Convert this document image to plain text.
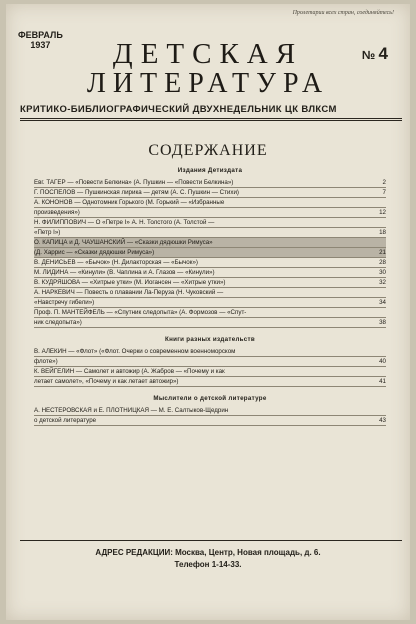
Пролетарии всех стран, соединяйтесь!
ФЕВРАЛЬ
1937	ДЕТСКАЯ
ЛИТЕРАТУРА
№ 4
КРИТИКО-БИБЛИОГРАФИЧЕСКИЙ ДВУХНЕДЕЛЬНИК ЦК ВЛКСМ
СОДЕРЖАНИЕ
Издания Детиздата
Евг. ТАГЕР — «Повести Белкина» (А. Пушкин — «Повести Белкина»)	2
Г. ПОСПЕЛОВ — Пушкинская лирика — детям (А. С. Пушкин — Стихи)	7
А. КОНОНОВ — Однотомник Горького (М. Горький — «Избранные
произведения»)	12
Н. ФИЛИППОВИЧ — О «Петре I» А. Н. Толстого (А. Толстой —
«Петр I»)	18
О. КАПИЦА и Д. ЧАУШАНСКИЙ — «Сказки дядюшки Римуса»
(Д. Харрис — «Сказки дядюшки Римуса»)	21
В. ДЕНИСЬЕВ — «Бычок» (Н. Дилакторская — «Бычок»)	28
М. ЛИДИНА — «Кинули» (В. Чаплина и А. Глазов — «Кинули»)	30
В. КУДРЯШОВА — «Хитрые утки» (М. Иогансен — «Хитрые утки»)	32
А. НАРКЕВИЧ — Повесть о плавании Ла-Перуза (Н. Чуковский —
«Навстречу гибели»)	34
Проф. П. МАНТЕЙФЕЛЬ — «Спутник следопыта» (А. Формозов — «Спут-
ник следопыта»)	38
Книги разных издательств
В. АЛЕКИН — «Флот» («Флот. Очерки о современном военноморском
флоте»)	40
К. ВЕЙГЕЛИН — Самолет и автожир (А. Жабров — «Почему и как
летает самолет», «Почему и как летает автожир»)	41
Мыслители о детской литературе
А. НЕСТЕРОВСКАЯ и Е. ПЛОТНИЦКАЯ — М. Е. Салтыков-Щедрин
о детской литературе	43
АДРЕС РЕДАКЦИИ: Москва, Центр, Новая площадь, д. 6.
Телефон 1-14-33.
